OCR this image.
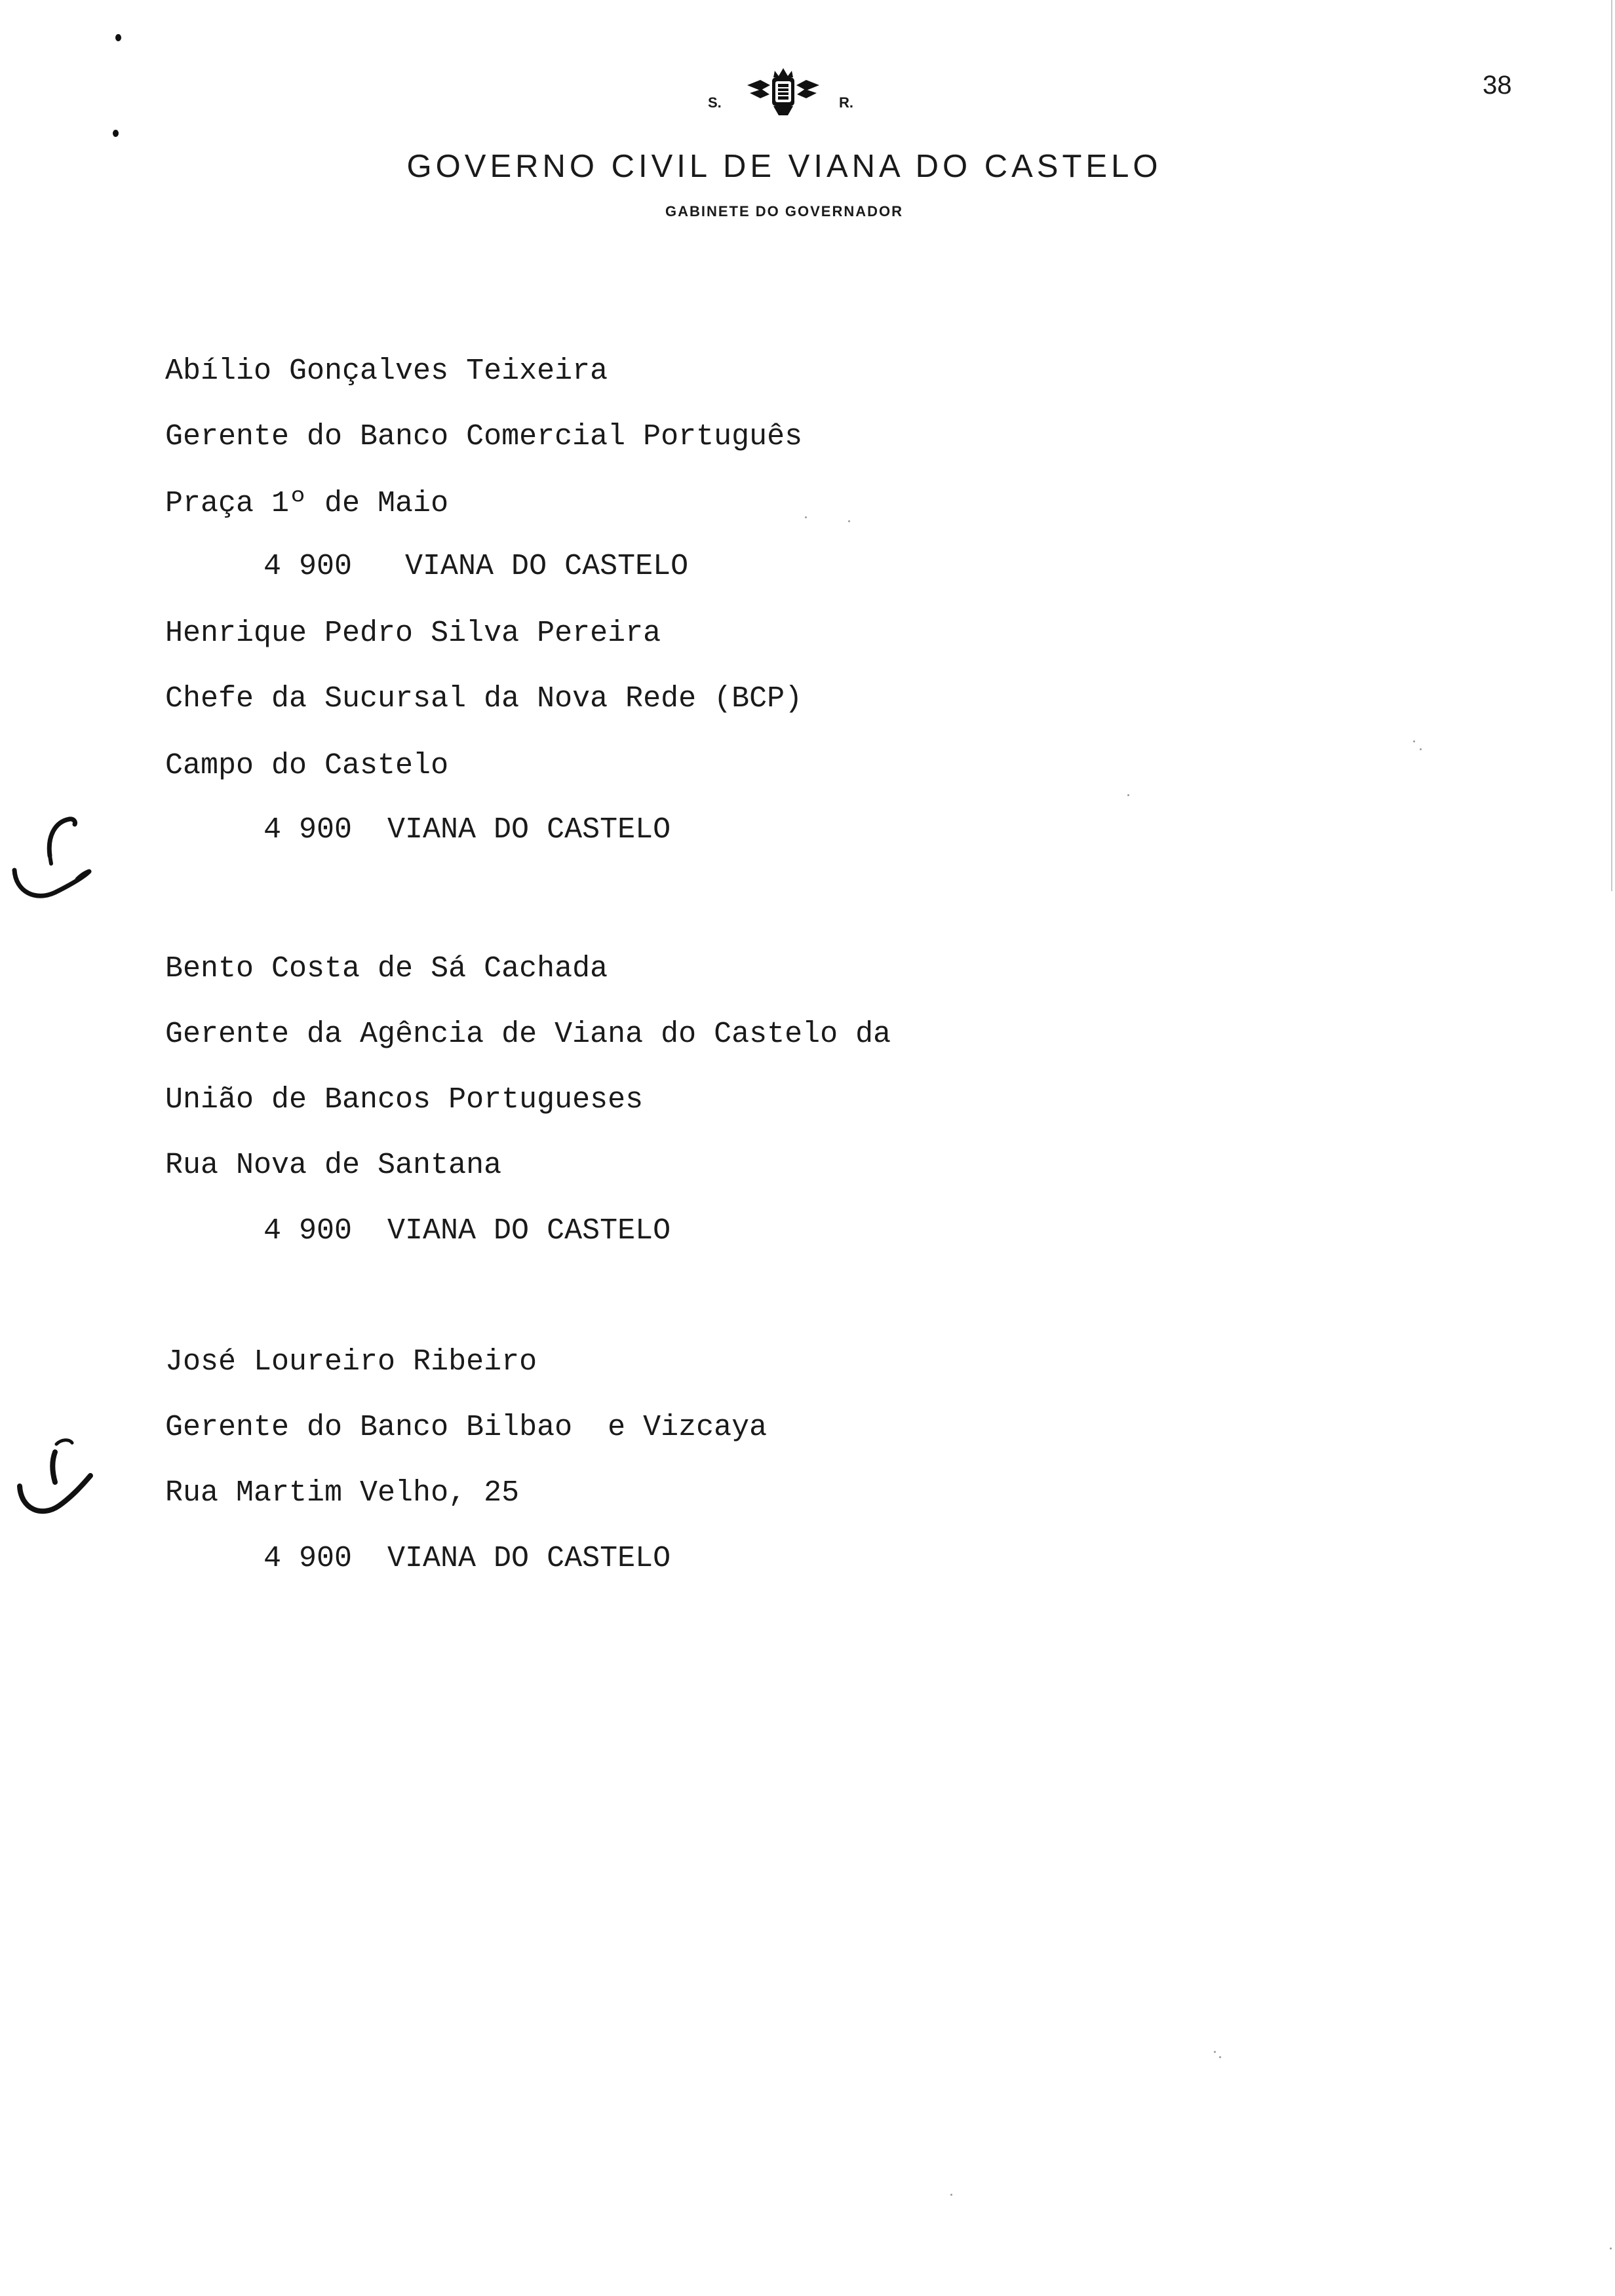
38

S.	R.
GOVERNO CIVIL DE VIANA DO CASTELO

GABINETE DO GOVERNADOR

Abílio Gonçalves Teixeira

Gerente do Banco Comercial Português

Praça 1º de Maio

4 900   VIANA DO CASTELO

Henrique Pedro Silva Pereira

Chefe da Sucursal da Nova Rede (BCP)

Campo do Castelo

4 900  VIANA DO CASTELO

Bento Costa de Sá Cachada

Gerente da Agência de Viana do Castelo da

União de Bancos Portugueses

Rua Nova de Santana

4 900  VIANA DO CASTELO

José Loureiro Ribeiro

Gerente do Banco Bilbao  e Vizcaya

Rua Martim Velho, 25

4 900  VIANA DO CASTELO
